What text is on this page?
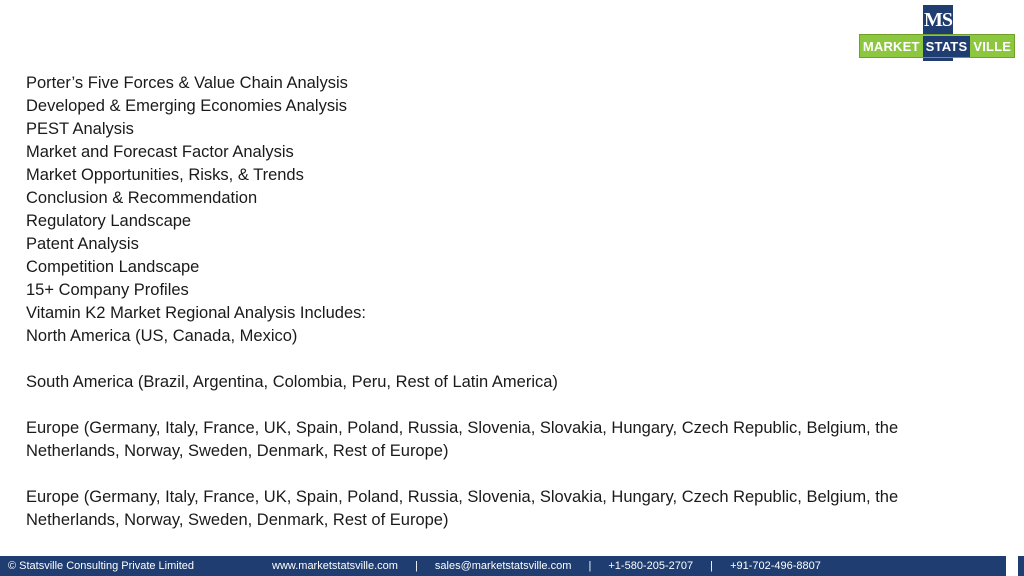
MS
MARKET STATS VILLE
Porter’s Five Forces & Value Chain Analysis
Developed & Emerging Economies Analysis
PEST Analysis
Market and Forecast Factor Analysis
Market Opportunities, Risks, & Trends
Conclusion & Recommendation
Regulatory Landscape
Patent Analysis
Competition Landscape
15+ Company Profiles
Vitamin K2 Market Regional Analysis Includes:
North America (US, Canada, Mexico)
South America (Brazil, Argentina, Colombia, Peru, Rest of Latin America)
Europe (Germany, Italy, France, UK, Spain, Poland, Russia, Slovenia, Slovakia, Hungary, Czech Republic, Belgium, the Netherlands, Norway, Sweden, Denmark, Rest of Europe)
Europe (Germany, Italy, France, UK, Spain, Poland, Russia, Slovenia, Slovakia, Hungary, Czech Republic, Belgium, the Netherlands, Norway, Sweden, Denmark, Rest of Europe)
© Statsville Consulting Private Limited	www.marketstatsville.com | sales@marketstatsville.com | +1-580-205-2707 | +91-702-496-8807
